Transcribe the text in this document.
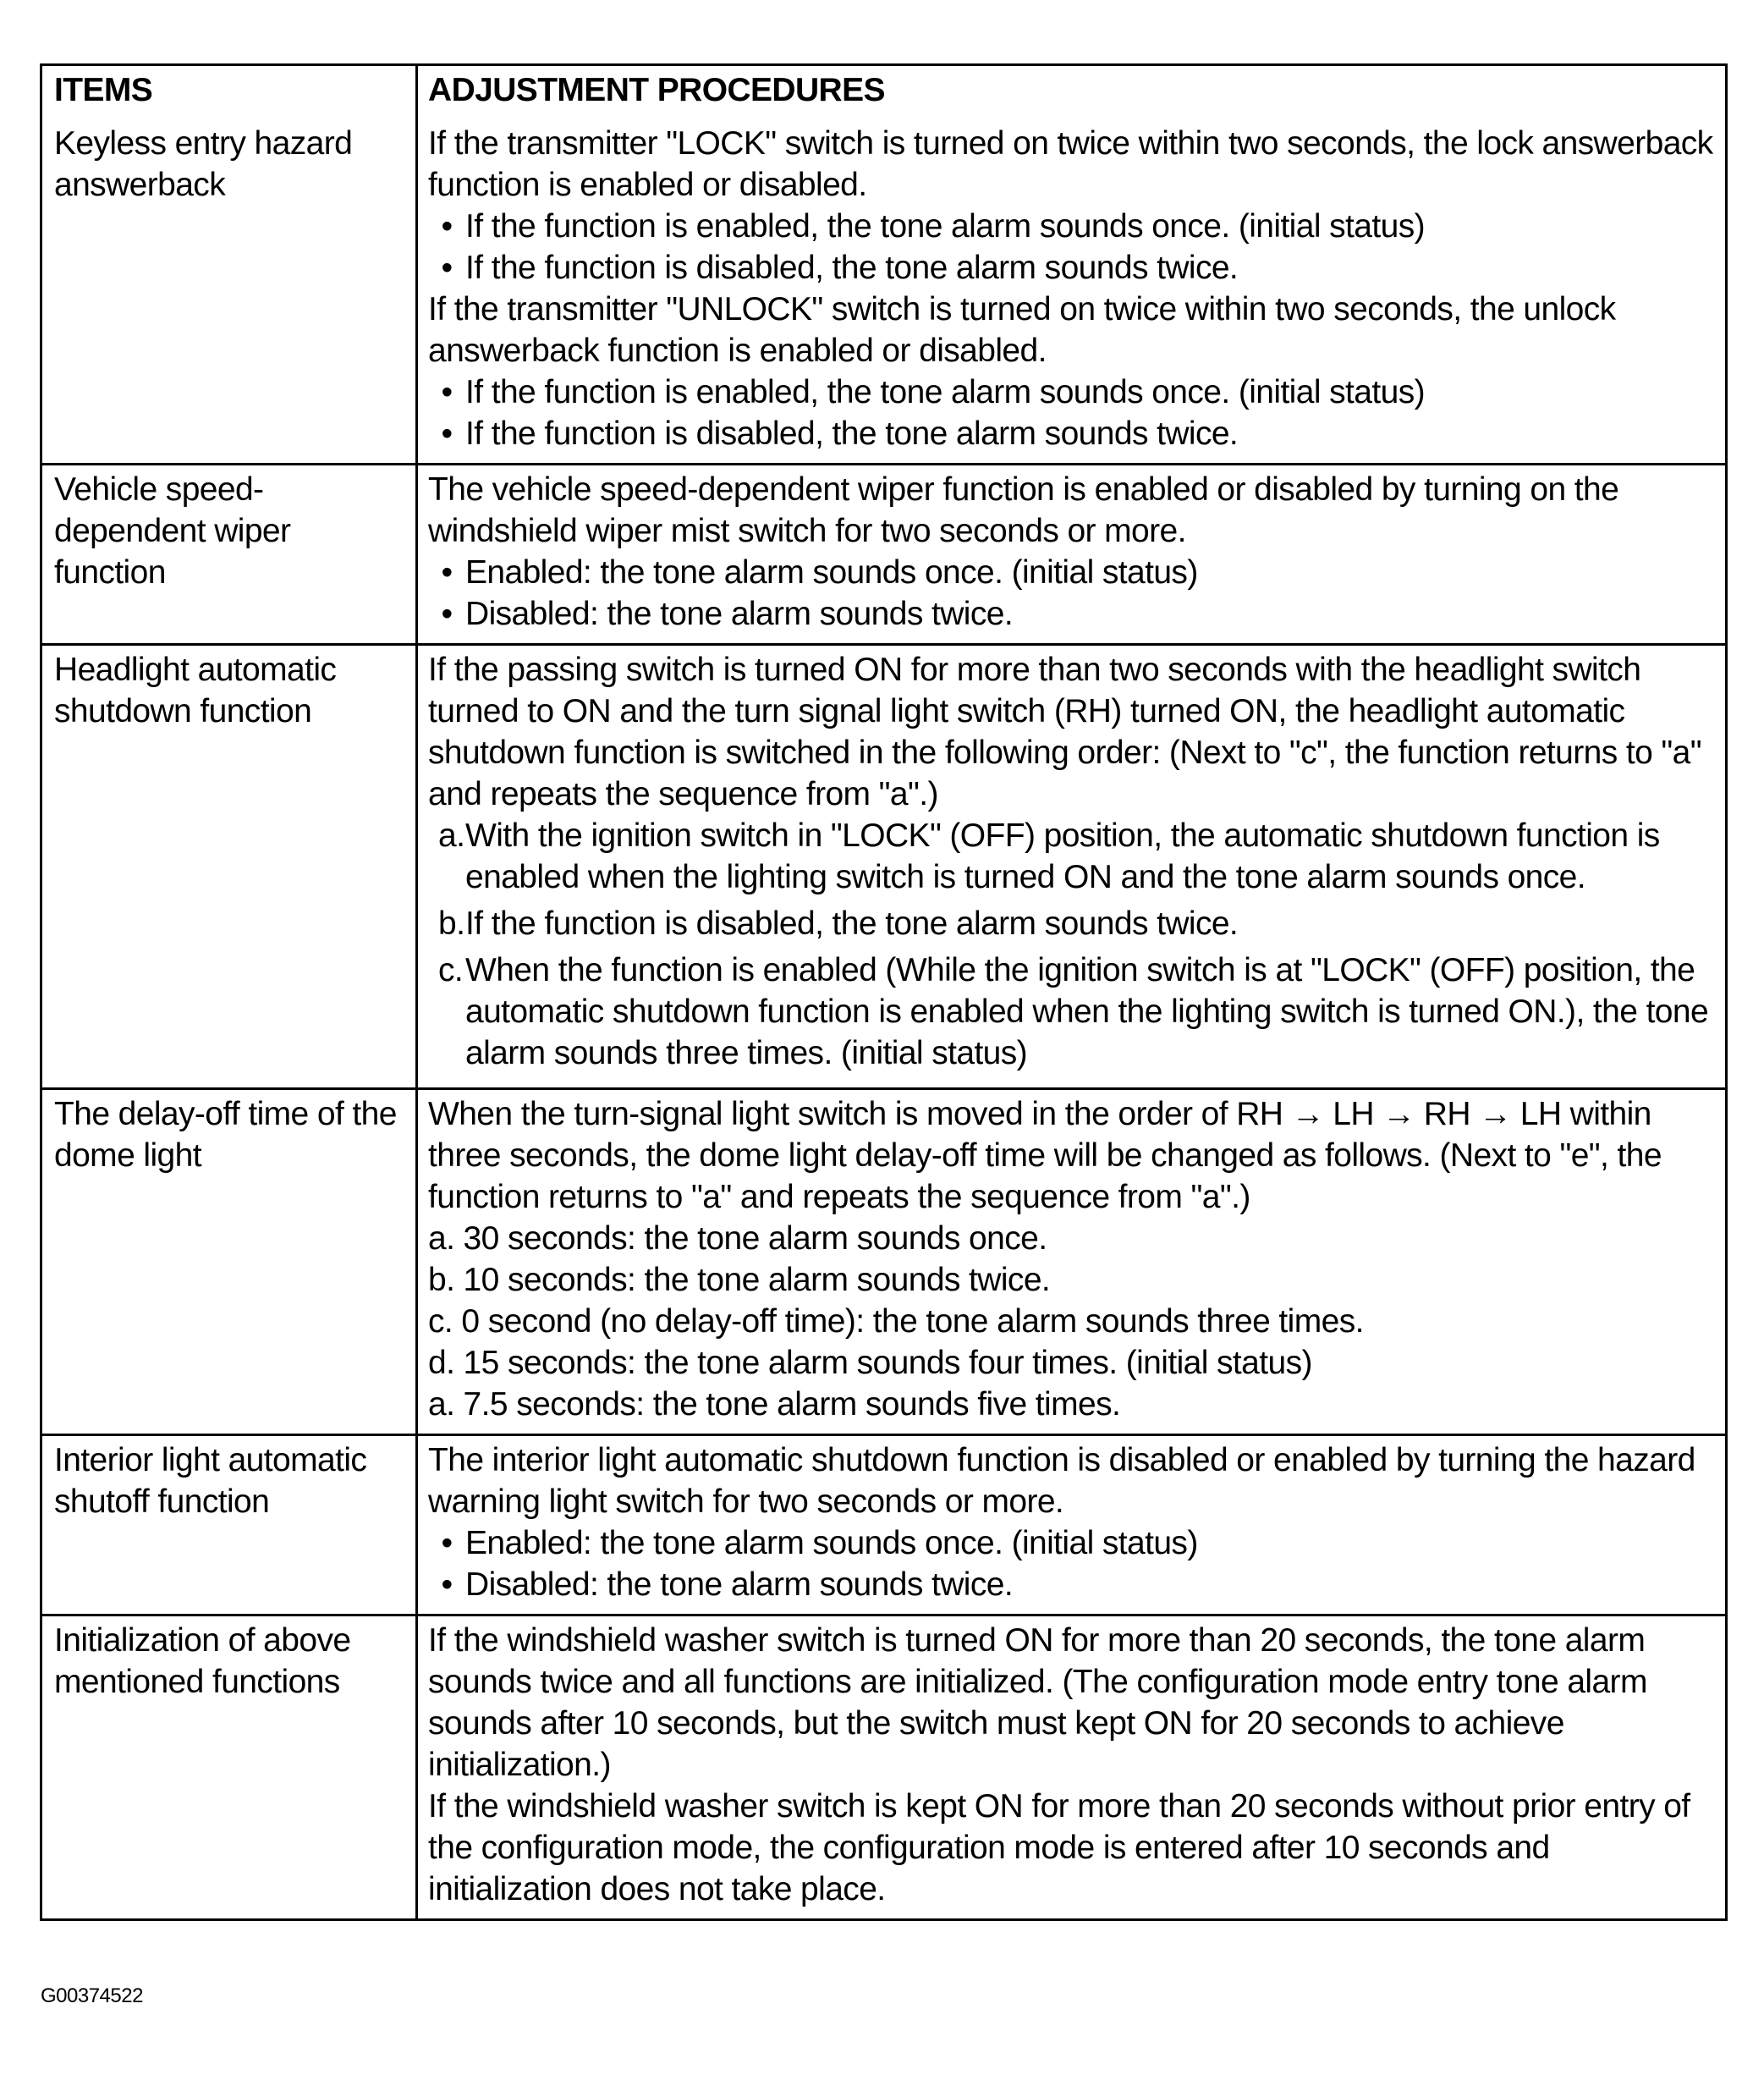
ITEMS	ADJUSTMENT PROCEDURES
Keyless entry hazard answerback

If the transmitter "LOCK" switch is turned on twice within two seconds, the lock answerback function is enabled or disabled.

• If the function is enabled, the tone alarm sounds once. (initial status)
• If the function is disabled, the tone alarm sounds twice.

If the transmitter "UNLOCK" switch is turned on twice within two seconds, the unlock answerback function is enabled or disabled.

• If the function is enabled, the tone alarm sounds once. (initial status)
• If the function is disabled, the tone alarm sounds twice.
Vehicle speed-dependent wiper function

The vehicle speed-dependent wiper function is enabled or disabled by turning on the windshield wiper mist switch for two seconds or more.

• Enabled: the tone alarm sounds once. (initial status)
• Disabled: the tone alarm sounds twice.
Headlight automatic shutdown function

If the passing switch is turned ON for more than two seconds with the headlight switch turned to ON and the turn signal light switch (RH) turned ON, the headlight automatic shutdown function is switched in the following order: (Next to "c", the function returns to "a" and repeats the sequence from "a".)

a. With the ignition switch in "LOCK" (OFF) position, the automatic shutdown function is enabled when the lighting switch is turned ON and the tone alarm sounds once.
b. If the function is disabled, the tone alarm sounds twice.
c. When the function is enabled (While the ignition switch is at "LOCK" (OFF) position, the automatic shutdown function is enabled when the lighting switch is turned ON.), the tone alarm sounds three times. (initial status)
The delay-off time of the dome light

When the turn-signal light switch is moved in the order of RH → LH → RH → LH within three seconds, the dome light delay-off time will be changed as follows. (Next to "e", the function returns to "a" and repeats the sequence from "a".)

a. 30 seconds: the tone alarm sounds once.

b. 10 seconds: the tone alarm sounds twice.

c. 0 second (no delay-off time): the tone alarm sounds three times.

d. 15 seconds: the tone alarm sounds four times. (initial status)

a. 7.5 seconds: the tone alarm sounds five times.

Interior light automatic shutoff function

The interior light automatic shutdown function is disabled or enabled by turning the hazard warning light switch for two seconds or more.

• Enabled: the tone alarm sounds once. (initial status)
• Disabled: the tone alarm sounds twice.
Initialization of above mentioned functions

If the windshield washer switch is turned ON for more than 20 seconds, the tone alarm sounds twice and all functions are initialized. (The configuration mode entry tone alarm sounds after 10 seconds, but the switch must kept ON for 20 seconds to achieve initialization.)

If the windshield washer switch is kept ON for more than 20 seconds without prior entry of the configuration mode, the configuration mode is entered after 10 seconds and initialization does not take place.

G00374522
